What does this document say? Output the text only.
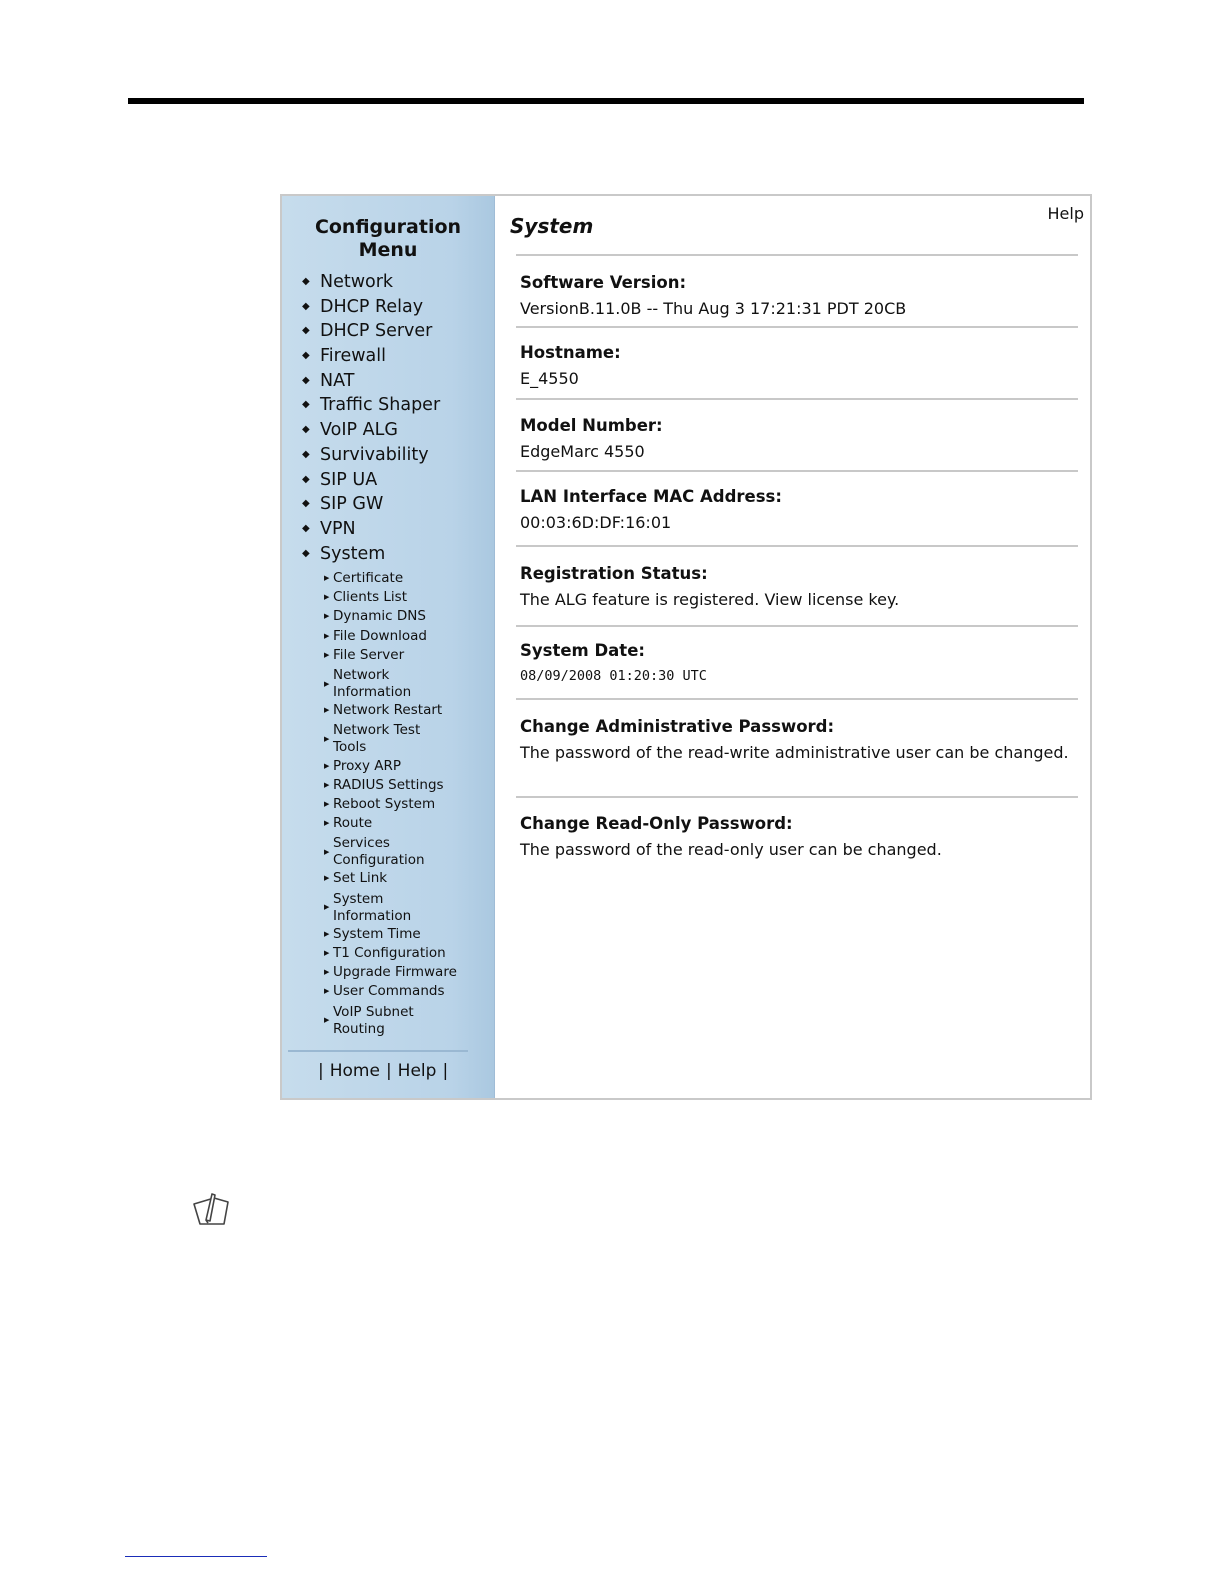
Configuration
Menu
◆ Network
◆ DHCP Relay
◆ DHCP Server
◆ Firewall
◆ NAT
◆ Traffic Shaper
◆ VoIP ALG
◆ Survivability
◆ SIP UA
◆ SIP GW
◆ VPN
◆ System
▶ Certificate
▶ Clients List
▶ Dynamic DNS
▶ File Download
▶ File Server
▶
Network
Information
▶ Network Restart
▶
Network Test
Tools
▶ Proxy ARP
▶ RADIUS Settings
▶ Reboot System
▶ Route
▶
Services
Configuration
▶ Set Link
▶
System
Information
▶ System Time
▶ T1 Configuration
▶ Upgrade Firmware
▶ User Commands
▶
VoIP Subnet
Routing
| Home | Help |
Help
System
Software Version:
VersionB.11.0B -- Thu Aug 3 17:21:31 PDT 20CB
Hostname:
E_4550
Model Number:
EdgeMarc 4550
LAN Interface MAC Address:
00:03:6D:DF:16:01
Registration Status:
The ALG feature is registered. View license key.
System Date:
08/09/2008 01:20:30 UTC
Change Administrative Password:
The password of the read-write administrative user can be changed.
Change Read-Only Password:
The password of the read-only user can be changed.
